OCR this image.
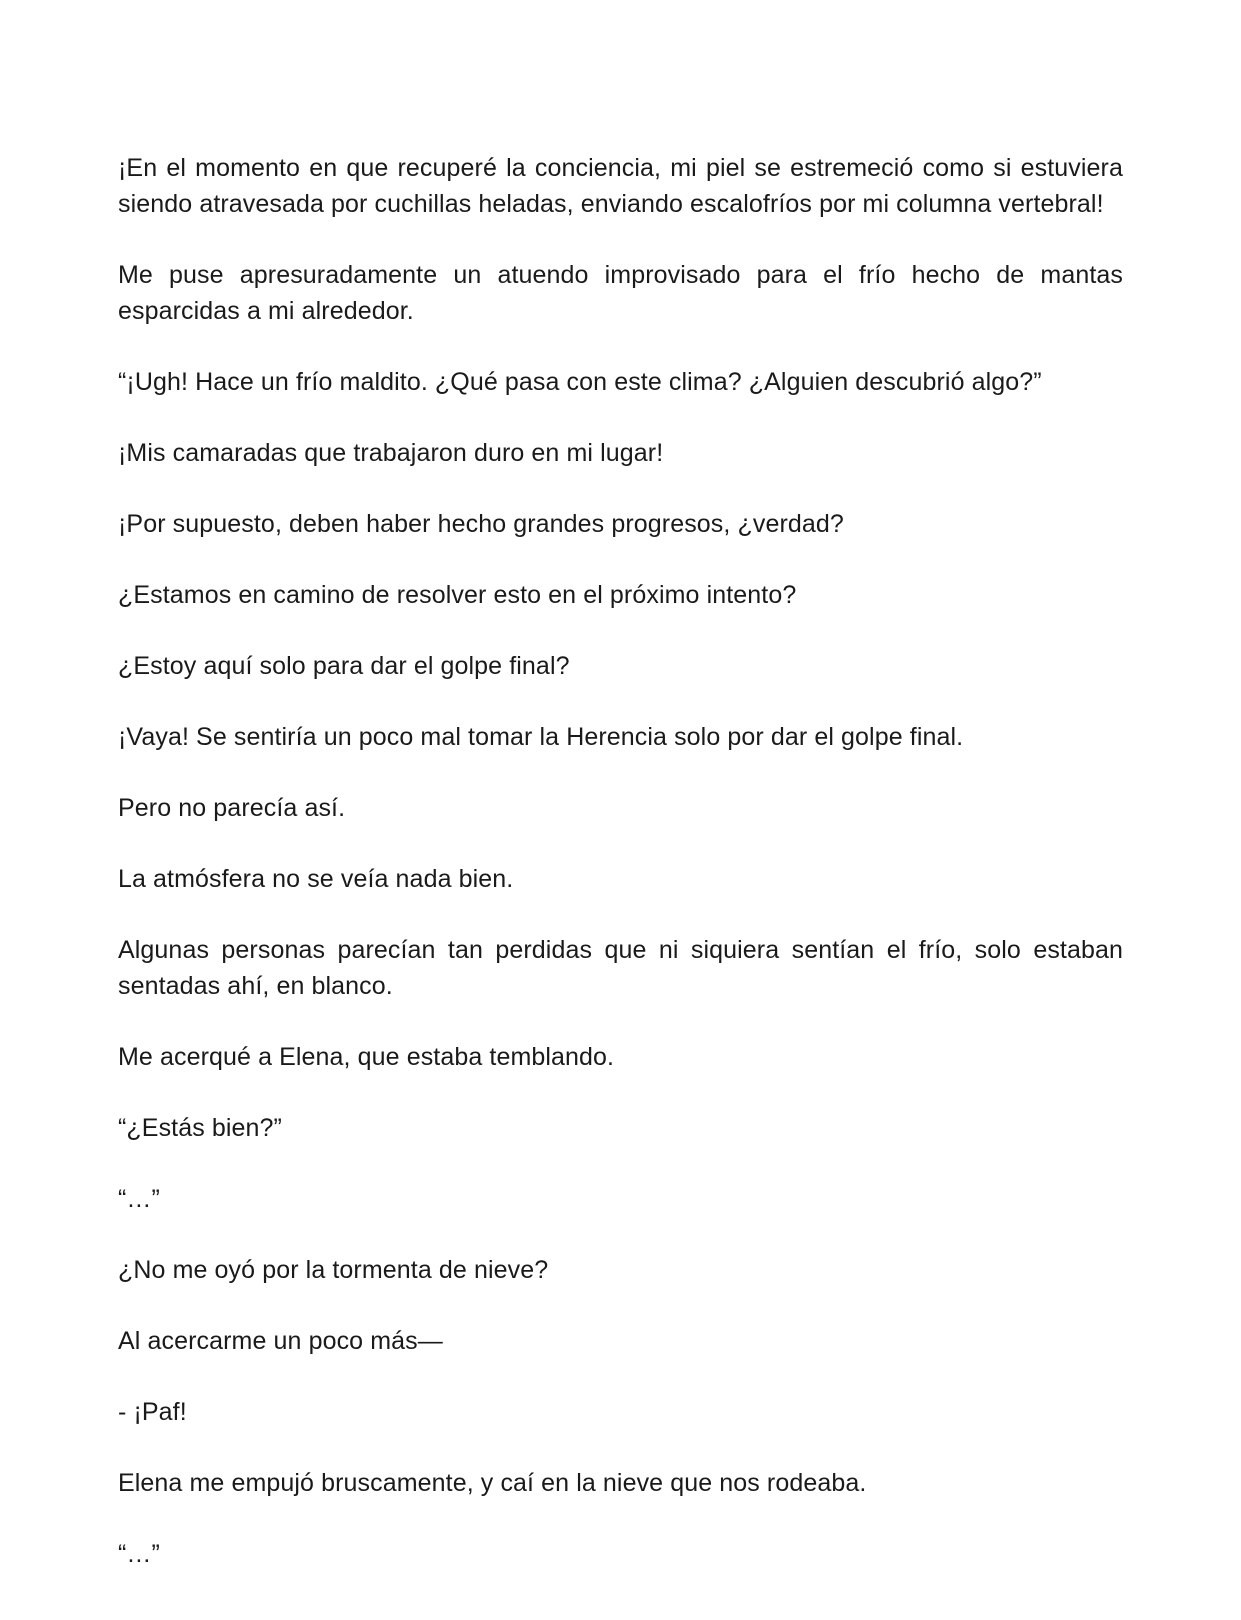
¡En el momento en que recuperé la conciencia, mi piel se estremeció como si estuviera siendo atravesada por cuchillas heladas, enviando escalofríos por mi columna vertebral!

Me puse apresuradamente un atuendo improvisado para el frío hecho de mantas esparcidas a mi alrededor.

“¡Ugh! Hace un frío maldito. ¿Qué pasa con este clima? ¿Alguien descubrió algo?”

¡Mis camaradas que trabajaron duro en mi lugar!

¡Por supuesto, deben haber hecho grandes progresos, ¿verdad?

¿Estamos en camino de resolver esto en el próximo intento?

¿Estoy aquí solo para dar el golpe final?

¡Vaya! Se sentiría un poco mal tomar la Herencia solo por dar el golpe final.

Pero no parecía así.

La atmósfera no se veía nada bien.

Algunas personas parecían tan perdidas que ni siquiera sentían el frío, solo estaban sentadas ahí, en blanco.

Me acerqué a Elena, que estaba temblando.

“¿Estás bien?”

“…”

¿No me oyó por la tormenta de nieve?

Al acercarme un poco más—

- ¡Paf!

Elena me empujó bruscamente, y caí en la nieve que nos rodeaba.

“…”
